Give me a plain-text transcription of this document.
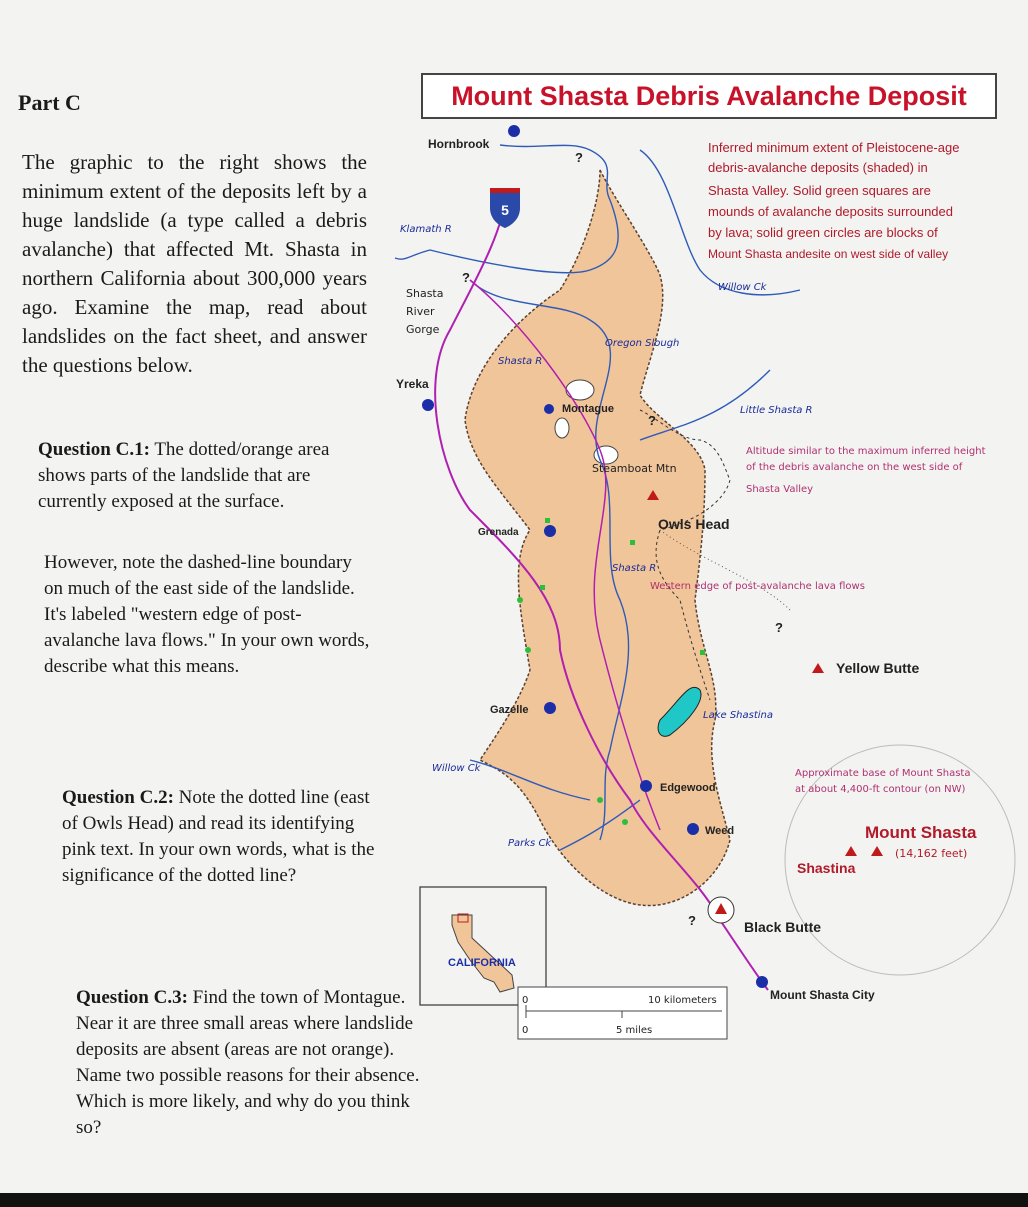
Part C
The graphic to the right shows the minimum extent of the deposits left by a huge landslide (a type called a debris avalanche) that affected Mt. Shasta in northern California about 300,000 years ago. Examine the map, read about landslides on the fact sheet, and answer the questions below.
Question C.1: The dotted/orange area shows parts of the landslide that are currently exposed at the surface.
However, note the dashed-line boundary on much of the east side of the landslide. It's labeled "western edge of post- avalanche lava flows." In your own words, describe what this means.
Question C.2: Note the dotted line (east of Owls Head) and read its identifying pink text. In your own words, what is the significance of the dotted line?
Question C.3: Find the town of Montague. Near it are three small areas where landslide deposits are absent (areas are not orange). Name two possible reasons for their absence. Which is more likely, and why do you think so?
Mount Shasta Debris Avalanche Deposit
5
Hornbrook
Klamath R
Shasta
River
Gorge
Yreka
Shasta R
Oregon Slough
Montague	Little Shasta R
Steamboat Mtn
Owls Head
Grenada
Shasta R
Willow Ck
Yellow Butte
Gazelle	Lake Shastina
Willow Ck
Edgewood
Weed
Parks Ck
Mount Shasta
(14,162 feet)
Shastina
Black Butte
Mount Shasta City
?
?
?
?
?
Inferred minimum extent of Pleistocene-age
debris-avalanche deposits (shaded) in
Shasta Valley. Solid green squares are
mounds of avalanche deposits surrounded
by lava; solid green circles are blocks of
Mount Shasta andesite on west side of valley
Altitude similar to the maximum inferred height
of the debris avalanche on the west side of
Shasta Valley
Western edge of post-avalanche lava flows
Approximate base of Mount Shasta
at about 4,400-ft contour (on NW)
CALIFORNIA
0	10 kilometers
0	5 miles
